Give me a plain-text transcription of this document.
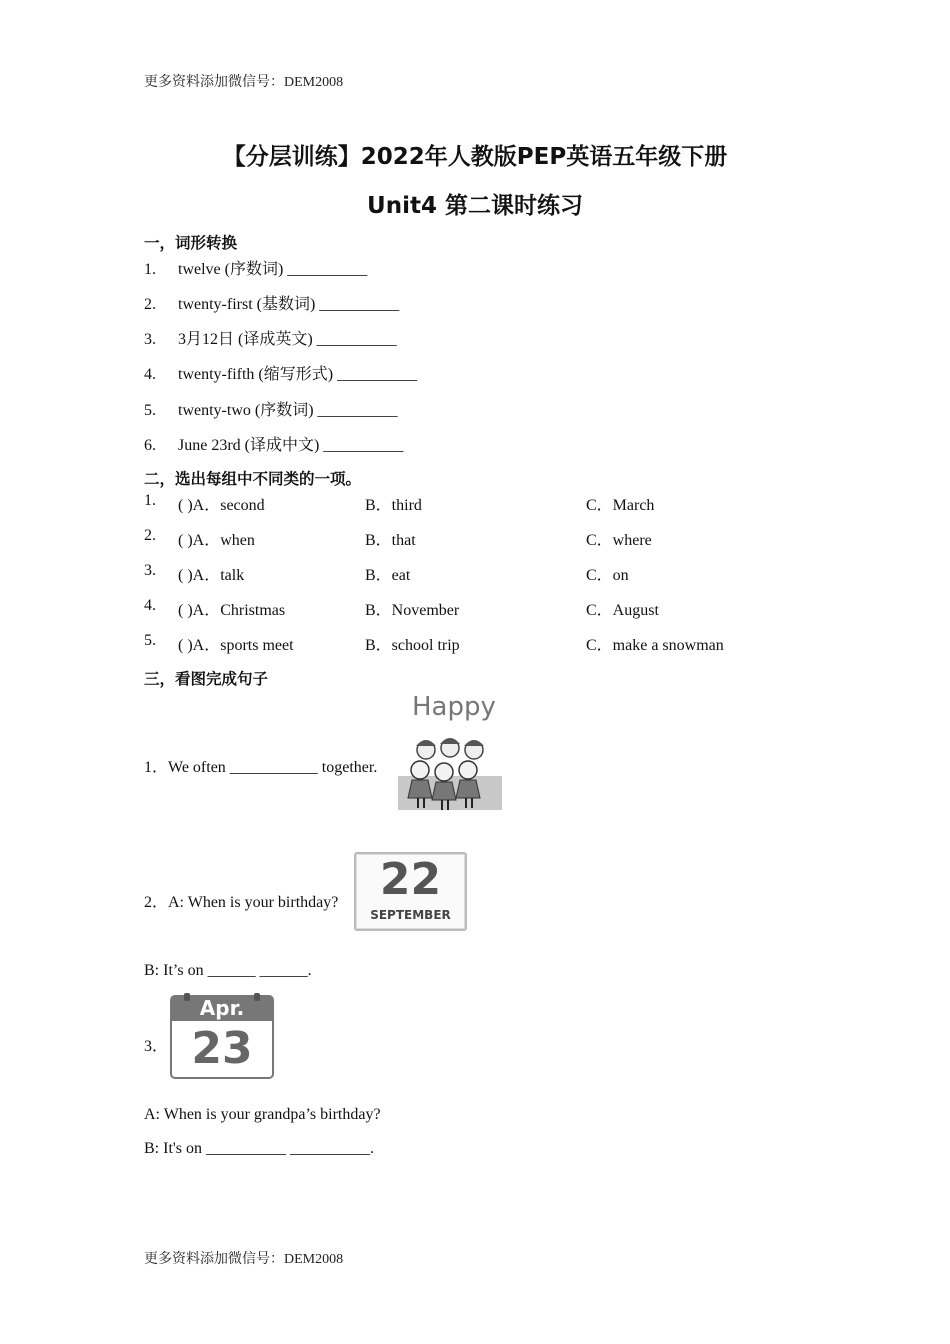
更多资料添加微信号：DEM2008
【分层训练】2022年人教版PEP英语五年级下册
Unit4 第二课时练习
一，词形转换
1. twelve (序数词) __________
2. twenty-first (基数词) __________
3. 3月12日 (译成英文) __________
4. twenty-fifth (缩写形式) __________
5. twenty-two (序数词) __________
6. June 23rd (译成中文) __________
二，选出每组中不同类的一项。
1. ( )A．second	B．third	C．March
2. ( )A．when	B．that	C．where
3. ( )A．talk	B．eat	C．on
4. ( )A．Christmas	B．November	C．August
5. ( )A．sports meet	B．school trip	C．make a snowman
三，看图完成句子
1．We often ___________ together.
Happy
2．A: When is your birthday? 22
SEPTEMBER
B: It’s on ______ ______.
3．
Apr.
23
A: When is your grandpa’s birthday?
B: It's on __________ __________.
更多资料添加微信号：DEM2008
